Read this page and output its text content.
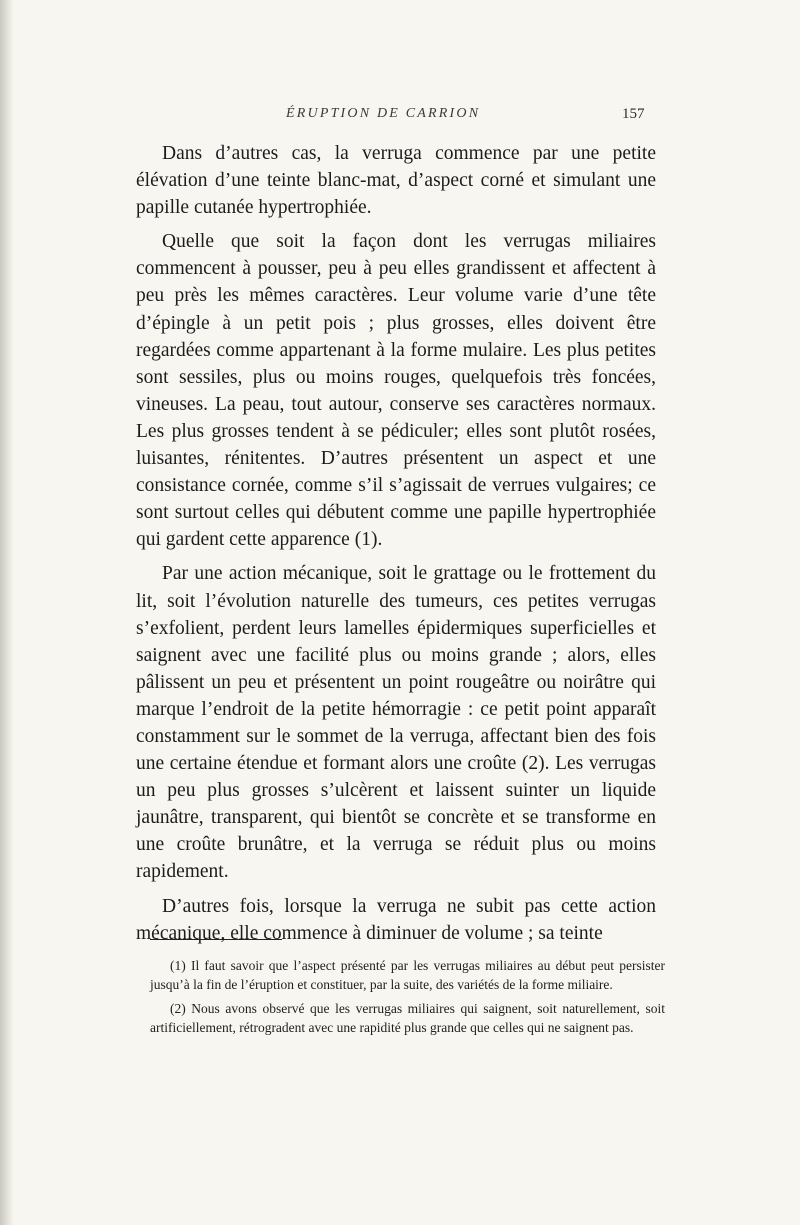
ÉRUPTION DE CARRION	157

Dans d’autres cas, la verruga commence par une petite élévation d’une teinte blanc-mat, d’aspect corné et simulant une papille cutanée hypertrophiée.

Quelle que soit la façon dont les verrugas miliaires commencent à pousser, peu à peu elles grandissent et affectent à peu près les mêmes caractères. Leur volume varie d’une tête d’épingle à un petit pois ; plus grosses, elles doivent être regardées comme appartenant à la forme mulaire. Les plus petites sont sessiles, plus ou moins rouges, quelquefois très foncées, vineuses. La peau, tout autour, conserve ses caractères normaux. Les plus grosses tendent à se pédiculer; elles sont plutôt rosées, luisantes, rénitentes. D’autres présentent un aspect et une consistance cornée, comme s’il s’agissait de verrues vulgaires; ce sont surtout celles qui débutent comme une papille hypertrophiée qui gardent cette apparence (1).

Par une action mécanique, soit le grattage ou le frottement du lit, soit l’évolution naturelle des tumeurs, ces petites verrugas s’exfolient, perdent leurs lamelles épidermiques superficielles et saignent avec une facilité plus ou moins grande ; alors, elles pâlissent un peu et présentent un point rougeâtre ou noirâtre qui marque l’endroit de la petite hémorragie : ce petit point apparaît constamment sur le sommet de la verruga, affectant bien des fois une certaine étendue et formant alors une croûte (2). Les verrugas un peu plus grosses s’ulcèrent et laissent suinter un liquide jaunâtre, transparent, qui bientôt se concrète et se transforme en une croûte brunâtre, et la verruga se réduit plus ou moins rapidement.

D’autres fois, lorsque la verruga ne subit pas cette action mécanique, elle commence à diminuer de volume ; sa teinte

(1) Il faut savoir que l’aspect présenté par les verrugas miliaires au début peut persister jusqu’à la fin de l’éruption et constituer, par la suite, des variétés de la forme miliaire.

(2) Nous avons observé que les verrugas miliaires qui saignent, soit naturellement, soit artificiellement, rétrogradent avec une rapidité plus grande que celles qui ne saignent pas.
